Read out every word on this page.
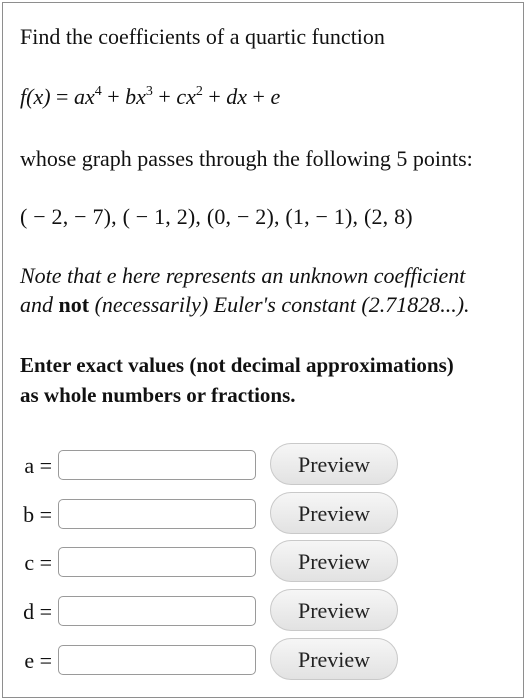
Find the coefficients of a quartic function
$f(x) = ax^4 + bx^3 + cx^2$ + dx + e
whose graph passes through the following 5 points:
( − 2, − 7), ( − 1, 2), (0, − 2), (1, − 1), (2, 8)
Note that e here represents an unknown coefficient
and not (necessarily) Euler's constant (2.71828...).
Enter exact values (not decimal approximations)
as whole numbers or fractions.
a =	Preview
b =	Preview
c =	Preview
d =	Preview
e =	Preview
